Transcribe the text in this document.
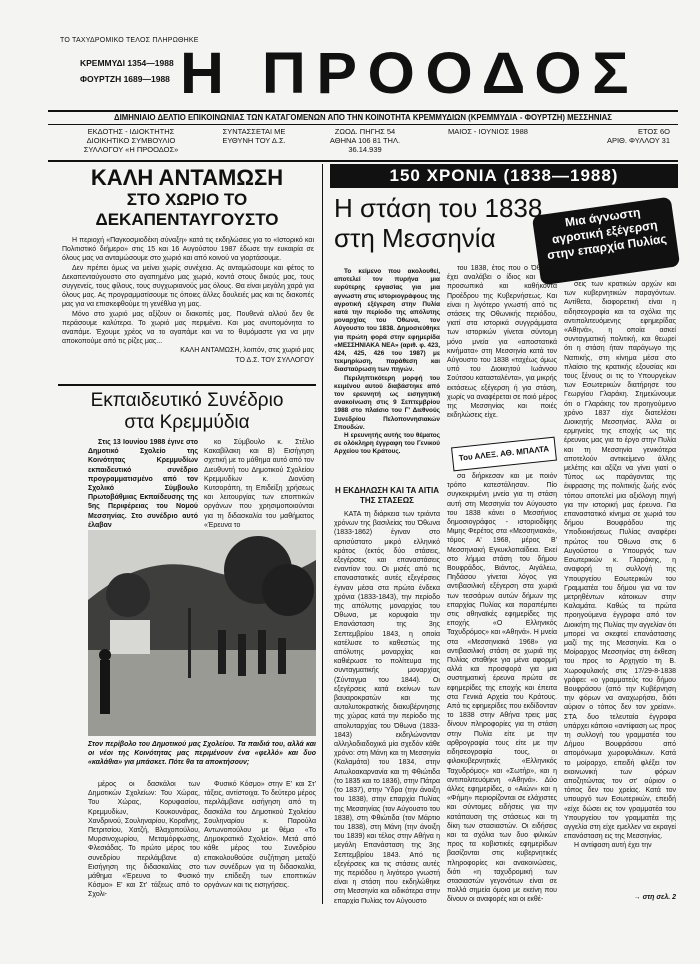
ΤΟ ΤΑΧΥΔΡΟΜΙΚΟ ΤΕΛΟΣ ΠΛΗΡΩΘΗΚΕ
ΚΡΕΜΜΥΔΙ 1354—1988
ΦΟΥΡΤΖΗ 1689—1988 Η ΠΡΟΟΔΟΣ
ΔΙΜΗΝΙΑΙΟ ΔΕΛΤΙΟ ΕΠΙΚΟΙΝΩΝΙΑΣ ΤΩΝ ΚΑΤΑΓΟΜΕΝΩΝ ΑΠΟ ΤΗΝ ΚΟΙΝΟΤΗΤΑ ΚΡΕΜΜΥΔΙΩΝ (ΚΡΕΜΜΥΔΙΑ - ΦΟΥΡΤΖΗ) ΜΕΣΣΗΝΙΑΣ
ΕΚΔΟΤΗΣ - ΙΔΙΟΚΤΗΤΗΣ ΔΙΟΙΚΗΤΙΚΟ ΣΥΜΒΟΥΛΙΟ ΣΥΛΛΟΓΟΥ «Η ΠΡΟΟΔΟΣ»
ΣΥΝΤΑΣΣΕΤΑΙ ΜΕ ΕΥΘΥΝΗ ΤΟΥ Δ.Σ.
ΖΩΟΔ. ΠΗΓΗΣ 54 ΑΘΗΝΑ 106 81 ΤΗΛ. 36.14.939
ΜΑΙΟΣ - ΙΟΥΝΙΟΣ 1988	ΕΤΟΣ 6Ο
ΑΡΙΘ. ΦΥΛΛΟΥ 31
ΚΑΛΗ ΑΝΤΑΜΩΣΗ
ΣΤΟ ΧΩΡΙΟ ΤΟ
ΔΕΚΑΠΕΝΤΑΥΓΟΥΣΤΟ

Η περιοχή «Παγκοσμιοδέκη σύναξη» κατά τις εκδηλώσεις για το «Ιστορικό και Πολιτιστικό διήμερο» στις 15 και 16 Αυγούστου 1987 έδωσε την ευκαιρία σε όλους μας να ανταμώσουμε στο χωριό και από κοινού να γιορτάσουμε.

Δεν πρέπει όμως να μείνει χωρίς συνέχεια. Ας ανταμώσουμε και φέτος το Δεκαπενταύγουστο στο αγαπημένο μας χωριό, κοντά στους δικούς μας, τους συγγενείς, τους φίλους, τους συγχωριανούς μας όλους. Θα είναι μεγάλη χαρά για όλους μας. Ας προγραμματίσουμε τις όποιες άλλες δουλειές μας και τις διακοπές μας για να επισκεφθούμε τη γενέθλια γη μας.

Μόνο στο χωριό μας αξίζουν οι διακοπές μας. Πουθενά αλλού δεν θε περάσουμε καλύτερα. Το χωριό μας περιμένει. Και μας ανυπομόνητα το αναπάμε. Έχουμε χρέος να το αγαπάμε και να το θυμόμαστε για να μην αποκοπούμε από τις ρίζες μας...

ΚΑΛΗ ΑΝΤΑΜΩΣΗ, λοιπόν, στις χωριό μας

ΤΟ Δ.Σ. ΤΟΥ ΣΥΛΛΟΓΟΥ

Εκπαιδευτικό Συνέδριο
στα Κρεμμύδια

Στις 13 Ιουνίου 1988 έγινε στο Δημοτικό Σχολείο της Κοινότητας Κρεμμυδίων εκπαιδευτικό συνέδριο προγραμματισμένο από τον Σχολικό Σύμβουλο Πρωτοβάθμιας Εκπαίδευσης της 5ης Περιφέρειας του Νομού Μεσσηνίας. Στο συνέδριο αυτό έλαβαν

κο Σύμβουλο κ. Στέλιο Κακαβίλακη και Β) Εισήγηση σχετική με το μάθημα αυτό από τον Διευθυντή του Δημοτικού Σχολείου Κρεμμυδίων κ. Διονύση Κυτσοράπη, τη Επιδείξη χρήσεως και λειτουργίας των εποπτικών οργάνων που χρησιμοποιούνται για τη διδασκαλία του μαθήματος «Έρευνα το

Στον περίβολο του Δημοτικού μας Σχολείου. Τα παιδιά του, αλλά και οι νέοι της Κοινότητας μας περιμένουν ένα «φελλό» και δυο «καλάθια» για μπάσκετ. Πότε θα τα αποκτήσουν;

μέρος οι δασκάλοι των Δημοτικών Σχολείων: Του Χώρας, Του Χώρας, Κορυφασίου, Κρεμμυδίων, Κουκουνάρας, Χανδρινού, Σουληναρίου, Κοραΐνης, Πετριτσίου, Χατζή, Βλαχοπούλου, Μυρσινοχωρίου, Μεταμόρφωσης, Φλεσιάδας. Το πρώτο μέρος του συνεδρίου περιλάμβανε α) Εισήγηση της διδασκαλίας στο μάθημα «Έρευνα το Φυσικό Κόσμο» Ε' και Στ' τάξεως από το Σχολι-

Φυσικό Κόσμο» στην Ε' και Στ' τάξεις, αντίστοιχα. Το δεύτερο μέρος περιλάμβανε εισήγηση από τη δασκάλα του Δημοτικού Σχολείου Σουληναρίου κ. Παρούλα Αντωνοπούλου με θέμα «Το Δημοκρατικό Σχολείο». Μετά από κάθε μέρος του Συνεδρίου επακολουθούσε συζήτηση μεταξύ των συνέδρων για τη διδασκαλία, την επίδειξη των εποπτικών οργάνων και τις εισηγήσεις.

150 ΧΡΟΝΙΑ (1838—1988)
Η στάση του 1838
στη Μεσσηνία
Μια άγνωστη αγροτική εξέγερση στην επαρχία Πυλίας

Το κείμενο που ακολουθεί, αποτελεί τον πυρήνα μια ευρύτερης εργασίας για μια αγνωστη στις ιστοριογράφους της αγροτική εξέγερση στην Πυλία κατά την περίοδο της απόλυτης μοναρχίας του Όθωνα, τον Αύγουστο του 1838. Δημοσιεύθηκε για πρώτη φορά στην εφημερίδα «ΜΕΣΣΗΝΙΑΚΑ ΝΕΑ» (αριθ. φ. 423, 424, 425, 426 του 1987) με τεκμηρίωση, παράθεση και διασταύρωση των πηγών.

Περιληπτικότερη μορφή του κειμένου αυτού διαβάστηκε από τον ερευνητή ως εισηγητική ανακοίνωση στις 9 Σεπτεμβρίου 1988 στο πλαίσιο του Γ' Διεθνούς Συνεδρίου Πελοποννησιακών Σπουδών.

Η ερευνητής αυτής του θέματος σε ολόκληρη έγγραφη του Γενικού Αρχείου του Κράτους.

Η ΕΚΔΗΛΩΣΗ ΚΑΙ ΤΑ ΑΙΤΙΑ ΤΗΣ ΣΤΑΣΕΩΣ

ΚΑΤΑ τη διάρκεια των τριάντα χρόνων της βασιλείας του Όθωνα (1833-1862) έγιναν στο αρτισύστατο μικρό ελληνικό κράτος (εκτός δύο στάσεις, εξεγέρσεις και επαναστάσεις εναντίον του. Οι μισές από τις επαναστατικές αυτές εξεγέρσεις έγιναν μέσα στα πρώτα ένδεκα χρόνια (1833-1843), την περίοδο της απόλυτης μοναρχίας του Όθωνα, με κορυφαία την Επανάσταση της 3ης Σεπτεμβρίου 1843, η οποία κατέλυσε το καθεστώς της απόλυτης μοναρχίας και καθιέρωσε το πολίτευμα της συνταγματικής μοναρχίας (Σύνταγμα του 1844). Οι εξεγέρσεις κατά εκείνων των βαυαροκρατών και της αυτολυτοκρατικής διακυβέρνησης της χώρας κατά την περίοδο της απολυταρχίας του Όθωνα (1833-1843) εκδηλώνονταν αλληλοδιαδοχικά μία σχεδόν κάθε χρόνο: στη Μάνη και τη Μεσσηνία (Καλαμάτα) του 1834, στην Αιτωλοακαρνανία και τη Φθιώτιδα (το 1835 και το 1836), στην Πάτρα (το 1837), στην Ύδρα (την άνοιξη του 1838), στην επαρχία Πυλίας της Μεσσηνίας (τον Αύγουστο του 1838), στη Φθιώτιδα (τον Μάρτιο του 1838), στη Μάνη (την άνοιξη του 1839) και τέλος στην Αθήνα η μεγάλη Επανάσταση της 3ης Σεπτεμβρίου 1843. Από τις εξεγέρσεις και τις στάσεις αυτές της περιόδου η λιγότερο γνωστή είναι η στάση που εκδηλώθηκε στη Μεσσηνία και ειδικότερα στην επαρχία Πυλίας τον Αύγουστο

του 1838, έτος που ο Όθωνας έχει αναλάβει ο ίδιος και ασκεί προσωπικά και καθήκοντα Προέδρου της Κυβερνήσεως. Και είναι η λιγότερο γνωστή από τις στάσεις της Οθωνικής περιόδου, γιατί στα ιστορικά συγγράμματα των ιστορικών γίνεται σύντομη μόνο μνεία για «αποστατικά κινήματα» στη Μεσσηνία κατά τον Αύγουστο του 1838 «ταχέως όμως υπό του Διοικητού Ιωάννου Σούτσου κατασταλέντα», για μικρής εκτάσεως εξέγερση ή για στάση, χωρίς να αναφέρεται σε ποιό μέρος της Μεσσηνίας και ποιές εκδηλώσεις είχε.

Του ΑΛΕΞ. ΑΘ. ΜΠΑΛΤΑ

σα διήρκεσαν και με ποιόν τρόπο κατεστάλησαν. Πίο συγκεκριμένη μνεία για τη στάση αυτή στη Μεσσηνία τον Αύγουστο του 1838 κάνει ο Μεσσήνιος δημοσιογράφος - ιστοριοδίφης Μιμης Φερέτος στα «Μεσσηνιακά», τόμος Α' 1968, μέρος Β' Μεσσηνιακή Εγκυκλοπαίδεια. Εκεί στο λήμμα στάση του δήμου Βουφράδος, Βιάντος, Αιγάλεω, Πηδάσου γίνεται λόγος για αντιβασιλική εξέγερση στα χωριά των τεσσάρων αυτών δήμων της επαρχίας Πυλίας και παραπέμπει στις αθηναϊκές εφημερίδες της εποχής «Ο Ελληνικός Ταχυδρόμος» και «Αθηνά». Η μνεία στα «Μεσσηνιακά 1968» για αντιβασιλική στάση σε χωριά της Πυλίας σταθήκε για μένα αφορμή αλλά και προσφορά για μια συστηματική έρευνα πρώτα σε εφημερίδες της εποχής και έπειτα στα Γενικά Αρχεία του Κράτους. Από τις εφημερίδες που εκδίδονταν το 1838 στην Αθήνα τρεις μας δίνουν πληροφορίες για τη στάση στην Πυλία είτε με την αρθρογραφία τους είτε με την ειδησεογραφία τους, οι φιλοκυβερνητικές «Ελληνικός Ταχυδρόμος» και «Σωτήρ», και η αντιπολιτευόμενη «Αθηνά». Δύο άλλες εφημερίδες, ο «Αιών» και η «Φήμη» περιορίζονται σε ελάχιστες και σύντομες ειδήσεις για την κατάπαυση της στάσεως και τη δίκη των στασιαστών. Οι ειδήσεις και τα σχόλια των δυο φιλικών προς τα κοβιστικές εφημερίδων βασίζονται στις κυβερνητικές πληροφορίες και ανακοινώσεις, διότι «η ταχυδρομική των στασιαστών γεγονότων είναι σε πολλά σημεία όμοια με εκείνη που δίνουν οι αναφορές και οι εκθέ-

σεις των κρατικών αρχών και των κυβερνητικών παραγόντων. Αντίθετα, διαφορετική είναι η ειδησεογραφία και τα σχόλια της αντιπολιτευόμενης εφημερίδας «Αθηνά», η οποία ασκεί συνταγματική πολιτική, και θεωρεί ότι η στάση ήταν παράγωγο της Ναπικής, στη κίνημα μέσα στο πλαίσιο της κρατικής εξουσίας και τους ξένους οι τις το Υπουργείων των Εσωτερικών διατήρησε του Γεωργίου Γλαράκη. Σημειώνουμε ότι ο Γλαράκης τον προηγούμενο χρόνο 1837 είχε διατελέσει Διοικητής Μεσσηνίας. Άλλα οι ερμηνείες της εποχής ως της έρευνας μας για το έργο στην Πυλία και τη Μεσσηνία γενικότερα αποτελούν αντικείμενο άλλης μελέτης και αξίζει να γίνει γιατί ο Τύπος ως παράγοντας της έκφρασης της πολιτικής ζωής ενός τόπου αποτελεί μια αξιόλογη πηγή για την ιστορική μας έρευνα. Για επαναστατικό κίνημα σε χωριά του δήμου Βουφράδου της Υποδιοικήσεως Πυλίας αναφέρει πρώτος του Όθωνα στις 6 Αυγούστου ο Υπουργός των Εσωτερικών κ. Γλαράκης, η αναφορή τη συλλογή της Υπουργείου Εσωτερικών του Γραμματέα του δήμου για να τον μετρηθέντων κάτοικων στην Καλαμάτα. Καθώς τα πρώτα προηγούμενα έγγραφα από τον Διοικήτη της Πυλίας την αγγελίαν ότι μπορεί να σκεφτεί επανάστασης μαζί της της Μεσσηνία. Και ο Μοίραρχος Μεσσηνίας στη έκθεση του προς το Αρχηγείο τη Β. Χωροφυλακής στις 17/29-8-1838 γράφει: «ο γραμματεύς του δήμου Βουφράσου (από την Κυβέρνηση την φόρων να αναχωρήσει, διότι αύριον ο τόπος δεν τον χρείαν». ΣΤΑ δυο τελευταία έγγραφα υπάρχει κάποιο «αντίφαση ως προς τη συλλογή του γραμματέα του Δήμου Βουφράσου από απομόνωμα χωροφυλάκων. Κατά το μοίραρχο, επειδή φλέξει τον εκοινωνική των φόρων αποζητώντας τον στ' αύριον ο τόπος δεν του χρείας. Κατά τον υπουργό των Εσωτερικών, επειδή «είχε δώσει εις τον γραμματέα του Υπουργείου τον γραμματέα της αγγελία στη είχε εμελλεν να εκραγεί επανάσταση εις της Μεσσηνίας.

Η αντίφαση αυτή έχει την

→ στη σελ. 2
